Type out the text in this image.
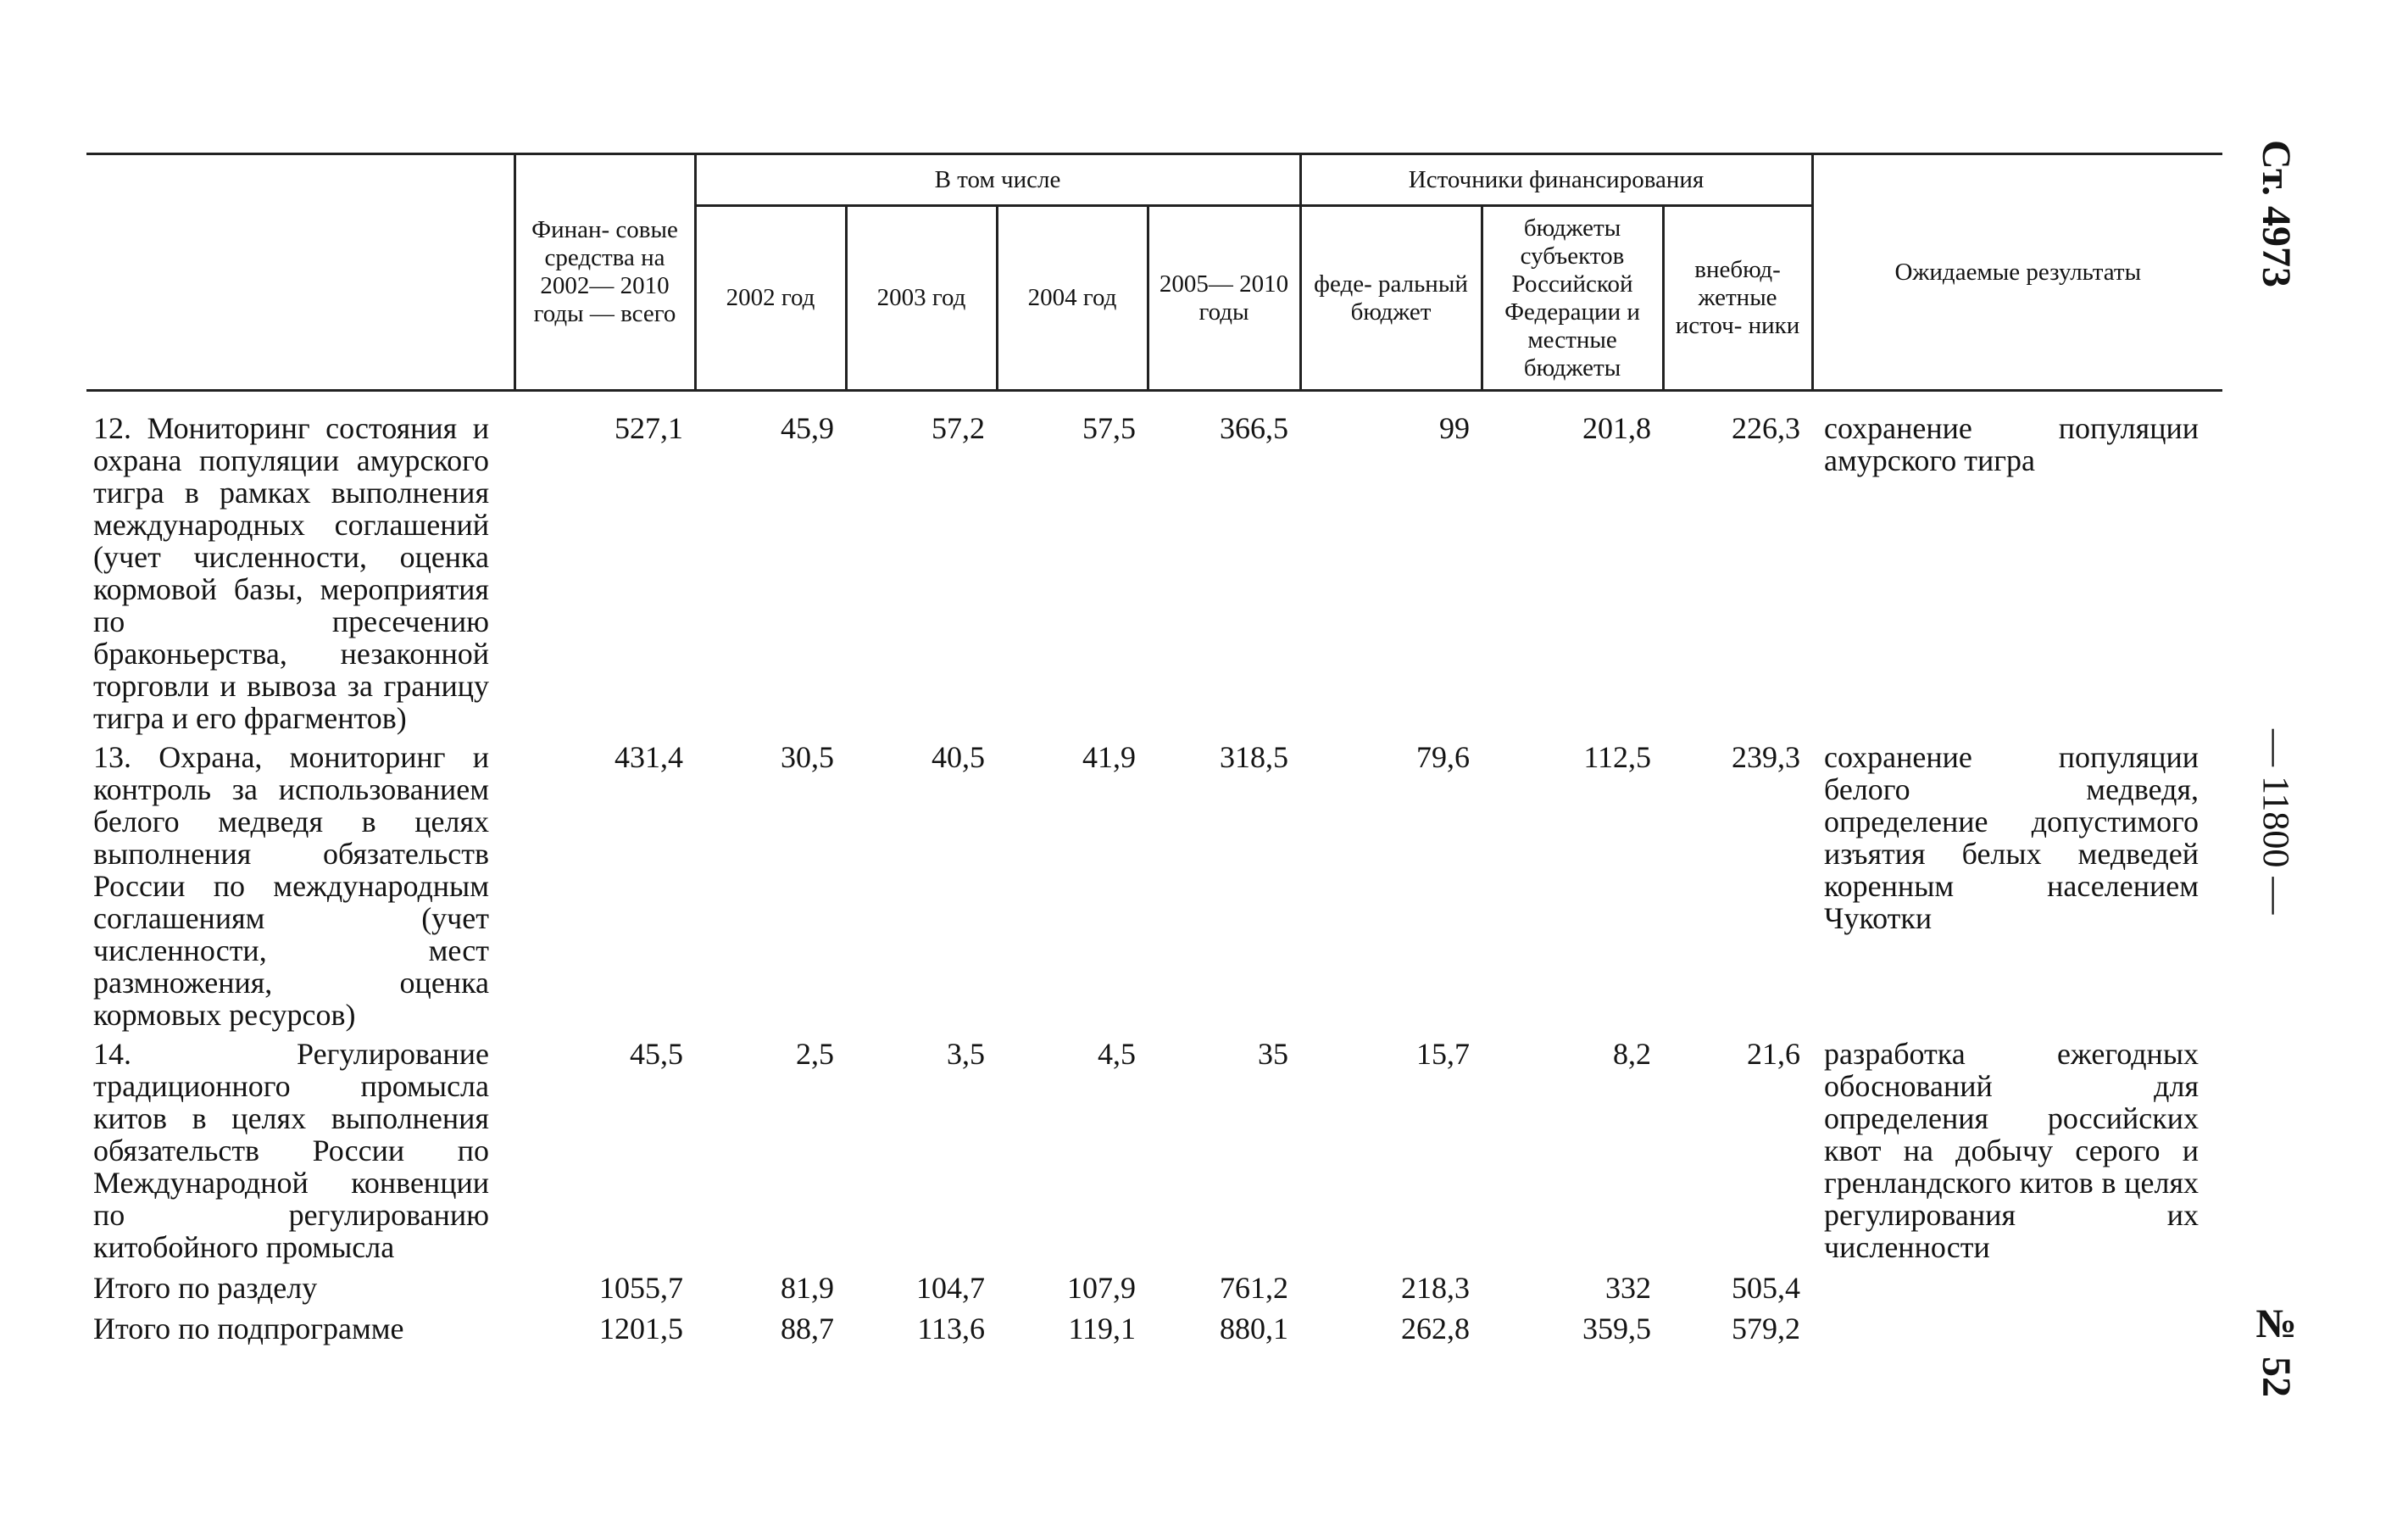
	Финан- совые средства на 2002— 2010 годы — всего	В том числе				Источники финансирования			Ожидаемые результаты
		2002 год	2003 год	2004 год	2005— 2010 годы	феде- ральный бюджет	бюджеты субъектов Российской Федерации и местные бюджеты	внебюд- жетные источ- ники	

12. Мониторинг состояния и охрана популяции амурского тигра в рамках выполнения международных соглашений (учет численности, оценка кормовой базы, мероприятия по пресечению браконьерства, незаконной торговли и вывоза за границу тигра и его фрагментов)	527,1	45,9	57,2	57,5	366,5	99	201,8	226,3	сохранение популяции амурского тигра
13. Охрана, мониторинг и контроль за использованием белого медведя в целях выполнения обязательств России по международным соглашениям (учет численности, мест размножения, оценка кормовых ресурсов)	431,4	30,5	40,5	41,9	318,5	79,6	112,5	239,3	сохранение популяции белого медведя, определение допустимого изъятия белых медведей коренным населением Чукотки
14. Регулирование традиционного промысла китов в целях выполнения обязательств России по Международной конвенции по регулированию китобойного промысла	45,5	2,5	3,5	4,5	35	15,7	8,2	21,6	разработка ежегодных обоснований для определения российских квот на добычу серого и гренландского китов в целях регулирования их численности
Итого по разделу	1055,7	81,9	104,7	107,9	761,2	218,3	332	505,4	
Итого по подпрограмме	1201,5	88,7	113,6	119,1	880,1	262,8	359,5	579,2	
Ст. 4973
— 11800 —
№ 52
